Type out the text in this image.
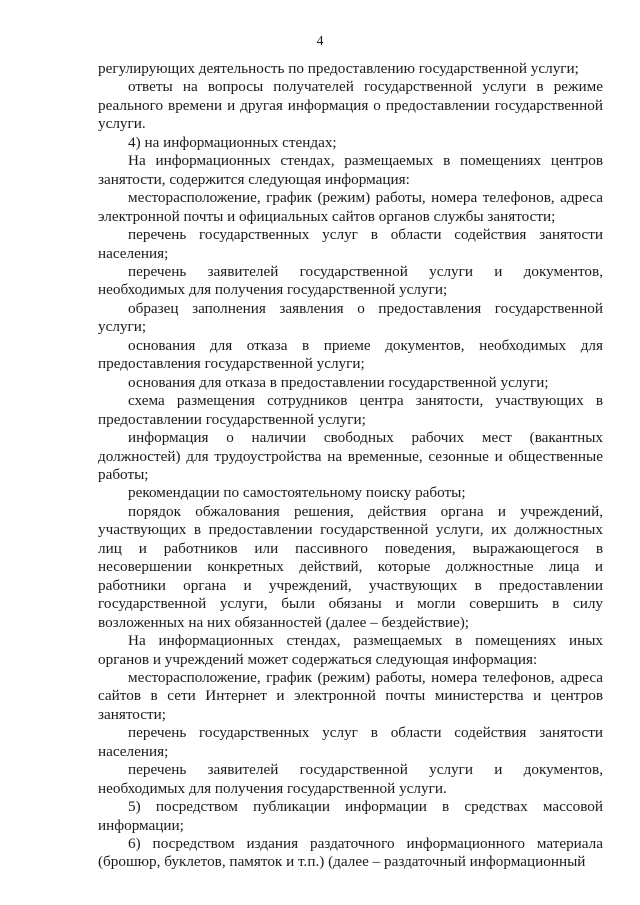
4

регулирующих деятельность по предоставлению государственной услуги;

ответы на вопросы получателей государственной услуги в режиме реального времени и другая информация о предоставлении государственной услуги.

4) на информационных стендах;

На информационных стендах, размещаемых в помещениях центров занятости, содержится следующая информация:

месторасположение, график (режим) работы, номера телефонов, адреса электронной почты и официальных сайтов органов службы занятости;

перечень государственных услуг в области содействия занятости населения;

перечень заявителей государственной услуги и документов, необходимых для получения государственной услуги;

образец заполнения заявления о предоставления государственной услуги;

основания для отказа в приеме документов, необходимых для предоставления государственной услуги;

основания для отказа в предоставлении государственной услуги;

схема размещения сотрудников центра занятости, участвующих в предоставлении государственной услуги;

информация о наличии свободных рабочих мест (вакантных должностей) для трудоустройства на временные, сезонные и общественные работы;

рекомендации по самостоятельному поиску работы;

порядок обжалования решения, действия органа и учреждений, участвующих в предоставлении государственной услуги, их должностных лиц и работников или пассивного поведения, выражающегося в несовершении конкретных действий, которые должностные лица и работники органа и учреждений, участвующих в предоставлении государственной услуги, были обязаны и могли совершить в силу возложенных на них обязанностей (далее – бездействие);

На информационных стендах, размещаемых в помещениях иных органов и учреждений может содержаться следующая информация:

месторасположение, график (режим) работы, номера телефонов, адреса сайтов в сети Интернет и электронной почты министерства и центров занятости;

перечень государственных услуг в области содействия занятости населения;

перечень заявителей государственной услуги и документов, необходимых для получения государственной услуги.

5) посредством публикации информации в средствах массовой информации;

6) посредством издания раздаточного информационного материала (брошюр, буклетов, памяток и т.п.) (далее – раздаточный информационный
